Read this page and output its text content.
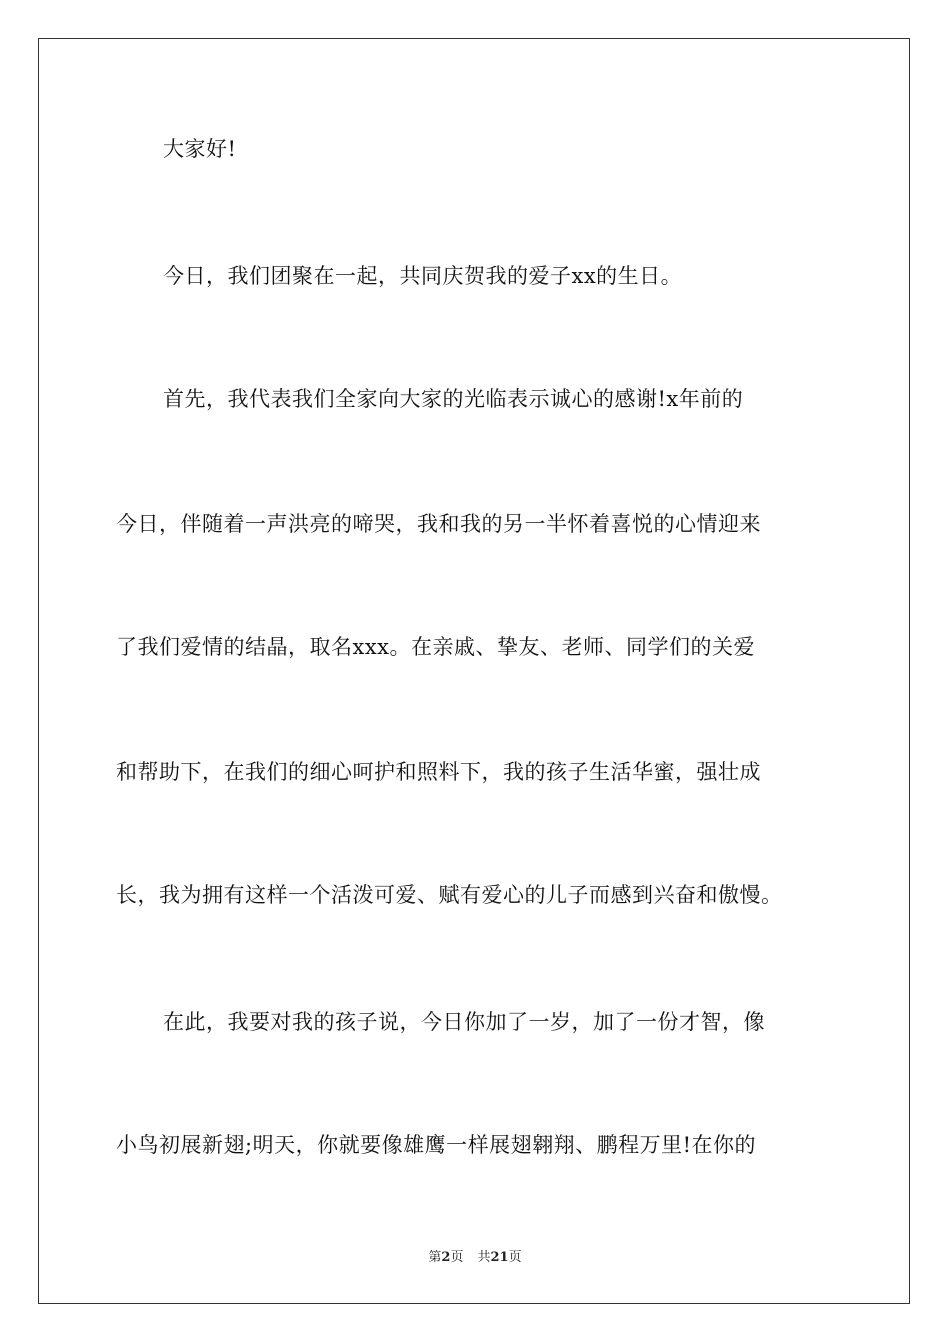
大家好!
今日，我们团聚在一起，共同庆贺我的爱子xx的生日。
首先，我代表我们全家向大家的光临表示诚心的感谢!x年前的
今日，伴随着一声洪亮的啼哭，我和我的另一半怀着喜悦的心情迎来
了我们爱情的结晶，取名xxx。在亲戚、挚友、老师、同学们的关爱
和帮助下，在我们的细心呵护和照料下，我的孩子生活华蜜，强壮成
长，我为拥有这样一个活泼可爱、赋有爱心的儿子而感到兴奋和傲慢。
在此，我要对我的孩子说，今日你加了一岁，加了一份才智，像
小鸟初展新翅;明天，你就要像雄鹰一样展翅翱翔、鹏程万里!在你的
第2页 共21页
